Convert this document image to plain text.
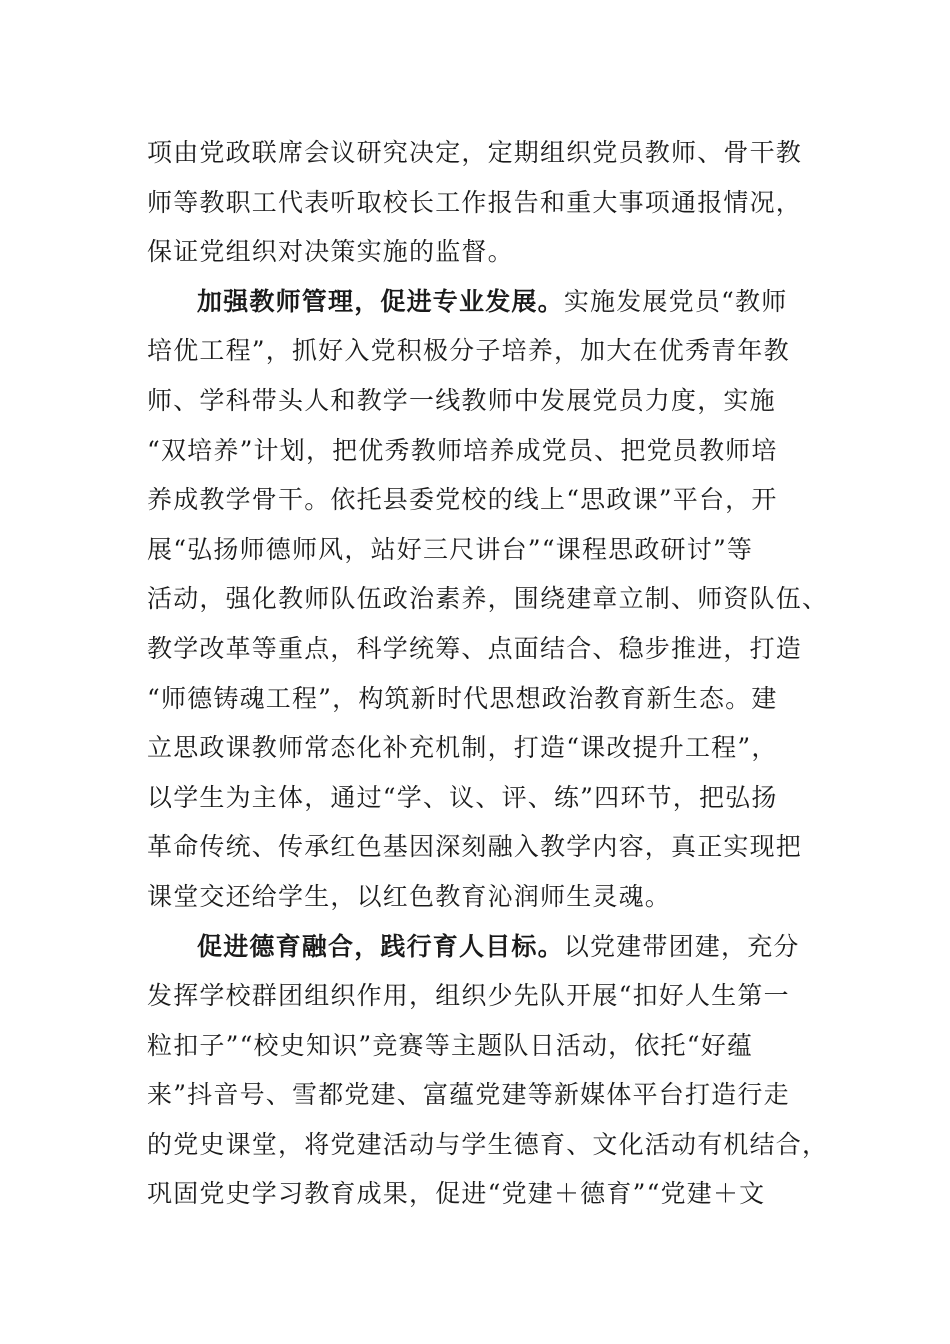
项由党政联席会议研究决定，定期组织党员教师、骨干教
师等教职工代表听取校长工作报告和重大事项通报情况，
保证党组织对决策实施的监督。
加强教师管理，促进专业发展。实施发展党员“教师
培优工程”，抓好入党积极分子培养，加大在优秀青年教
师、学科带头人和教学一线教师中发展党员力度，实施
“双培养”计划，把优秀教师培养成党员、把党员教师培
养成教学骨干。依托县委党校的线上“思政课”平台，开
展“弘扬师德师风，站好三尺讲台”“课程思政研讨”等
活动，强化教师队伍政治素养，围绕建章立制、师资队伍、
教学改革等重点，科学统筹、点面结合、稳步推进，打造
“师德铸魂工程”，构筑新时代思想政治教育新生态。建
立思政课教师常态化补充机制，打造“课改提升工程”，
以学生为主体，通过“学、议、评、练”四环节，把弘扬
革命传统、传承红色基因深刻融入教学内容，真正实现把
课堂交还给学生，以红色教育沁润师生灵魂。
促进德育融合，践行育人目标。以党建带团建，充分
发挥学校群团组织作用，组织少先队开展“扣好人生第一
粒扣子”“校史知识”竞赛等主题队日活动，依托“好蕴
来”抖音号、雪都党建、富蕴党建等新媒体平台打造行走
的党史课堂，将党建活动与学生德育、文化活动有机结合，
巩固党史学习教育成果，促进“党建＋德育”“党建＋文
